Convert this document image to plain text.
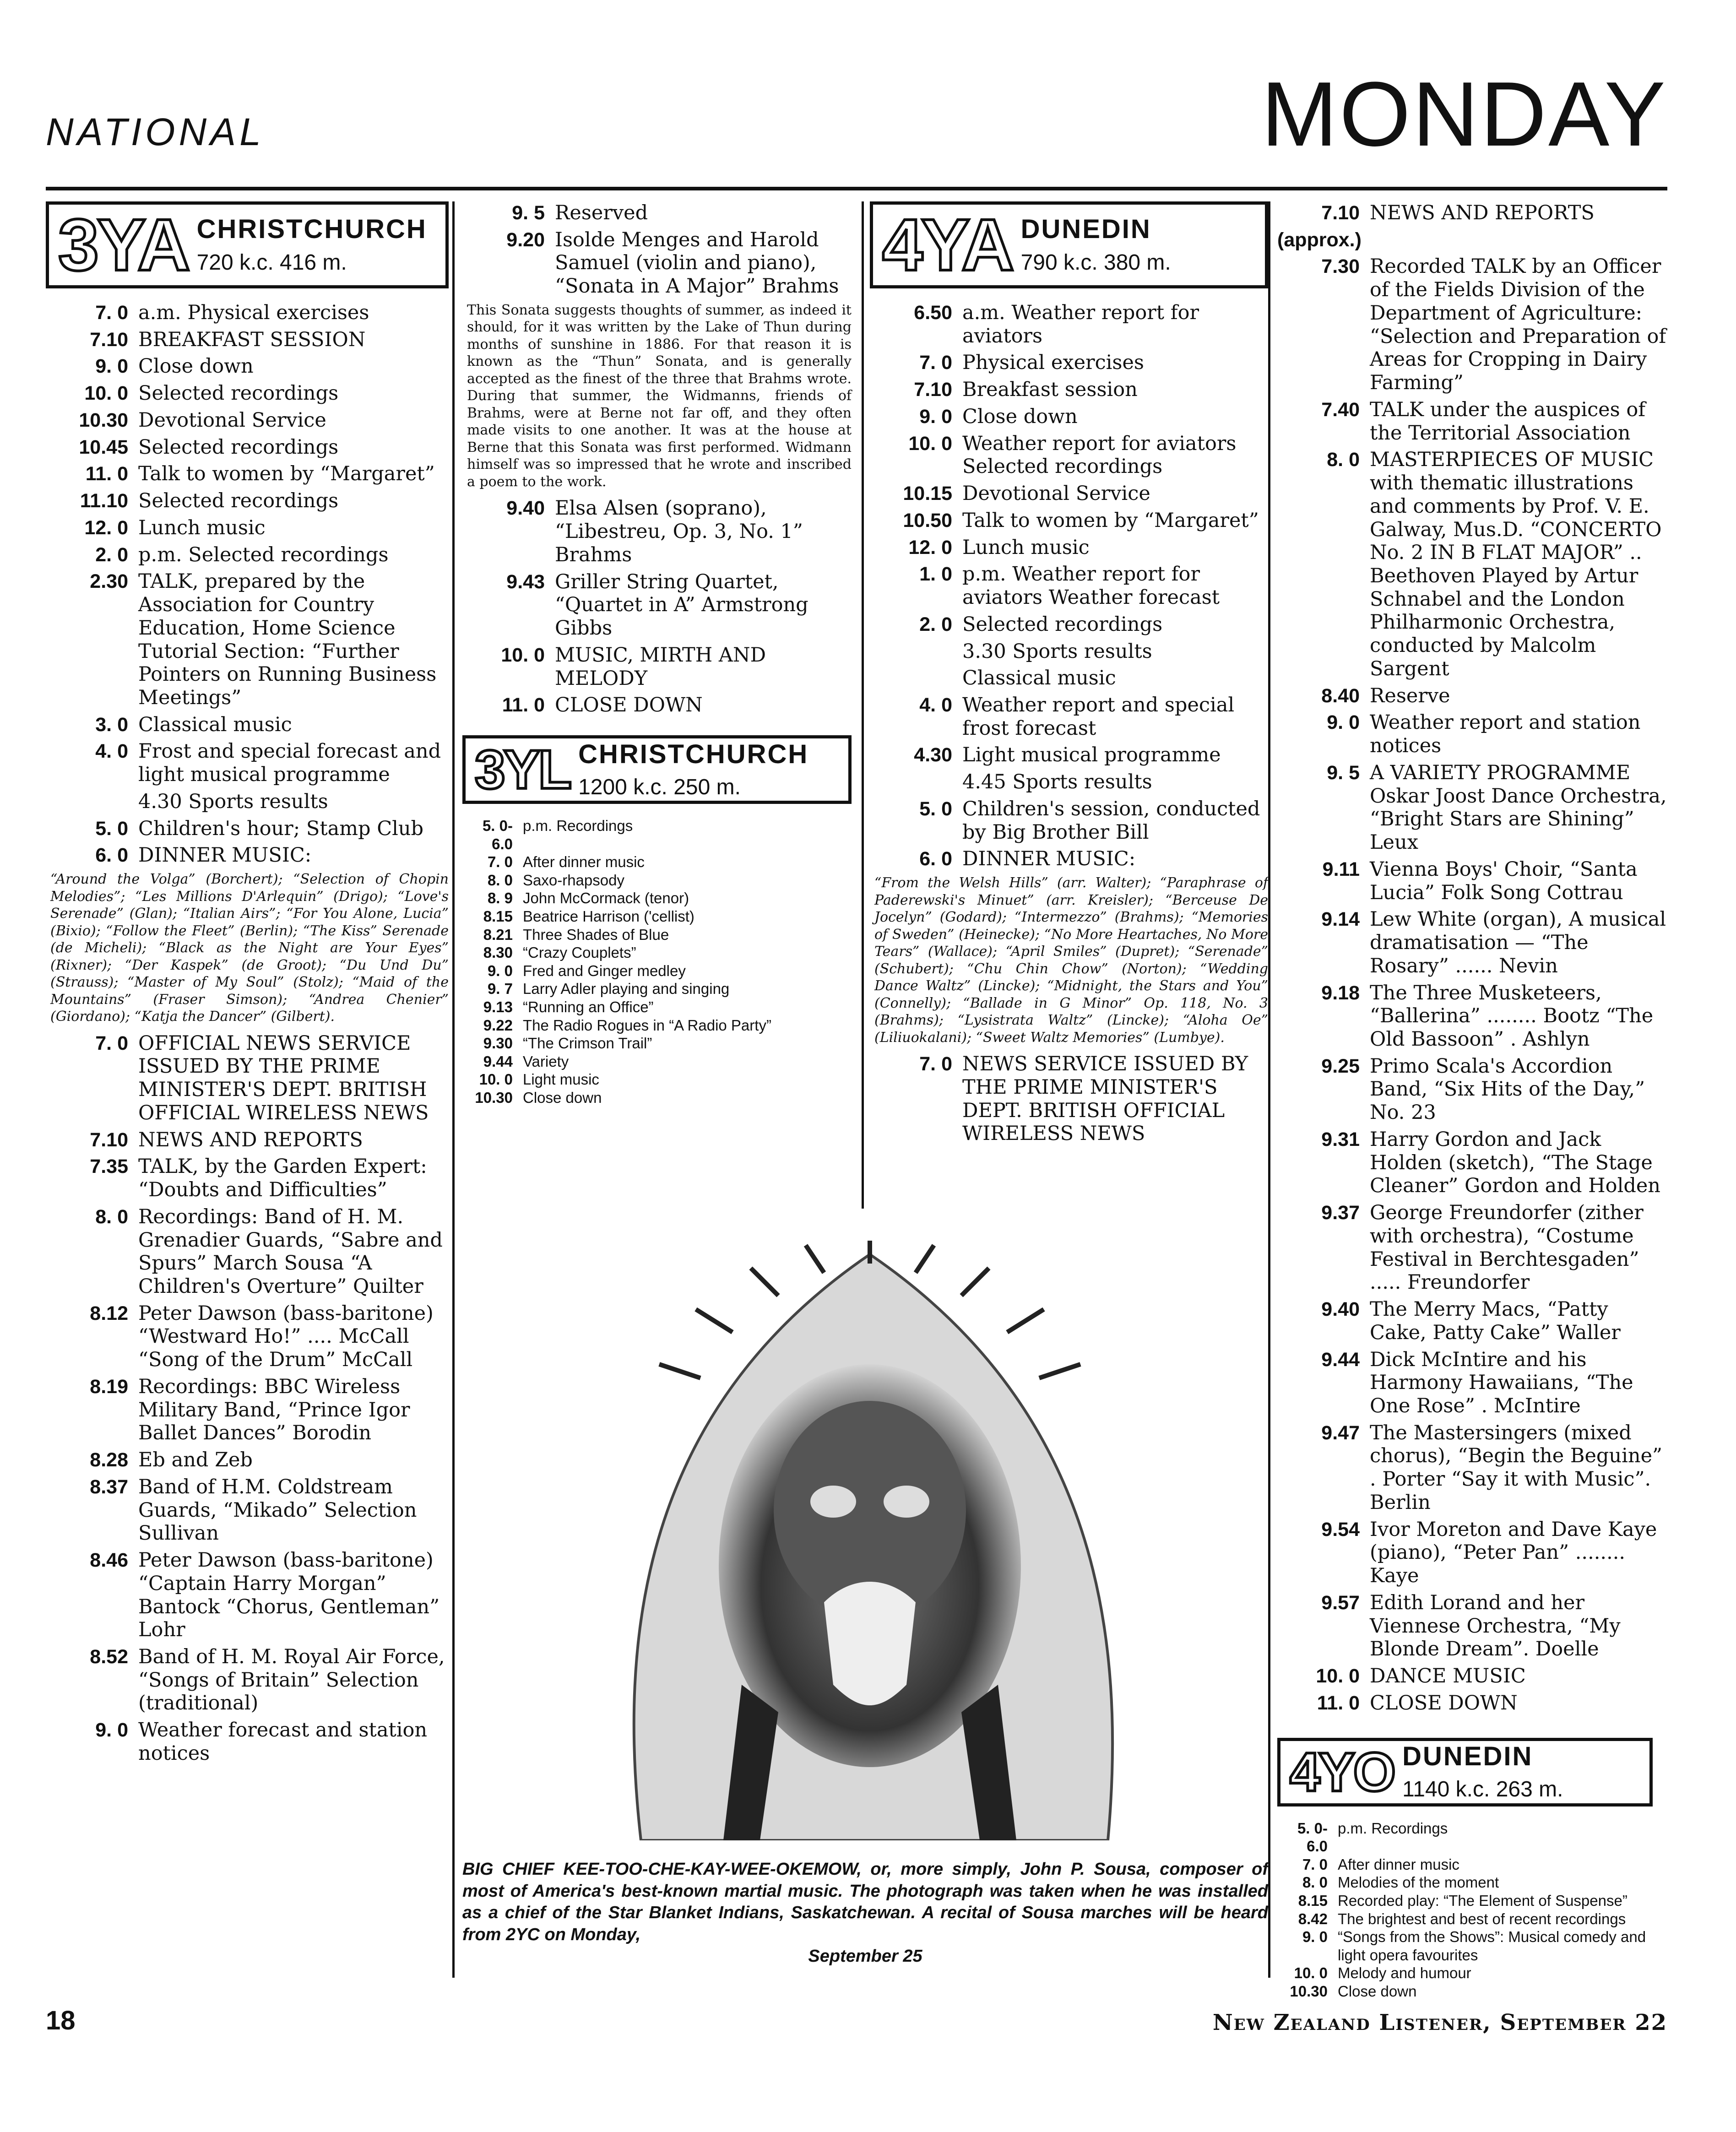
NATIONAL	MONDAY
3YA CHRISTCHURCH
720 k.c. 416 m.
7. 0 a.m. Physical exercises
7.10 BREAKFAST SESSION
9. 0 Close down
10. 0 Selected recordings
10.30 Devotional Service
10.45 Selected recordings
11. 0 Talk to women by “Margaret”
11.10 Selected recordings
12. 0 Lunch music
2. 0 p.m. Selected recordings
2.30 TALK, prepared by the Association for Country Education, Home Science Tutorial Section: “Further Pointers on Running Business Meetings”
3. 0 Classical music
4. 0 Frost and special forecast and light musical programme
4.30 Sports results
5. 0 Children's hour; Stamp Club
6. 0 DINNER MUSIC:
“Around the Volga” (Borchert); “Selection of Chopin Melodies”; “Les Millions D'Arlequin” (Drigo); “Love's Serenade” (Glan); “Italian Airs”; “For You Alone, Lucia” (Bixio); “Follow the Fleet” (Berlin); “The Kiss” Serenade (de Micheli); “Black as the Night are Your Eyes” (Rixner); “Der Kaspek” (de Groot); “Du Und Du” (Strauss); “Master of My Soul” (Stolz); “Maid of the Mountains” (Fraser Simson); “Andrea Chenier” (Giordano); “Katja the Dancer” (Gilbert).
7. 0 OFFICIAL NEWS SERVICE ISSUED BY THE PRIME MINISTER'S DEPT. BRITISH OFFICIAL WIRELESS NEWS
7.10 NEWS AND REPORTS
7.35 TALK, by the Garden Expert: “Doubts and Difficulties”
8. 0 Recordings: Band of H. M. Grenadier Guards, “Sabre and Spurs” March Sousa “A Children's Overture” Quilter
8.12 Peter Dawson (bass-baritone) “Westward Ho!” .... McCall “Song of the Drum” McCall
8.19 Recordings: BBC Wireless Military Band, “Prince Igor Ballet Dances” Borodin
8.28 Eb and Zeb
8.37 Band of H.M. Coldstream Guards, “Mikado” Selection Sullivan
8.46 Peter Dawson (bass-baritone) “Captain Harry Morgan” Bantock “Chorus, Gentleman” Lohr
8.52 Band of H. M. Royal Air Force, “Songs of Britain” Selection (traditional)
9. 0 Weather forecast and station notices
9. 5 Reserved
9.20 Isolde Menges and Harold Samuel (violin and piano), “Sonata in A Major” Brahms
This Sonata suggests thoughts of summer, as indeed it should, for it was written by the Lake of Thun during months of sunshine in 1886. For that reason it is known as the “Thun” Sonata, and is generally accepted as the finest of the three that Brahms wrote. During that summer, the Widmanns, friends of Brahms, were at Berne not far off, and they often made visits to one another. It was at the house at Berne that this Sonata was first performed. Widmann himself was so impressed that he wrote and inscribed a poem to the work.
9.40 Elsa Alsen (soprano), “Libestreu, Op. 3, No. 1” Brahms
9.43 Griller String Quartet, “Quartet in A” Armstrong Gibbs
10. 0 MUSIC, MIRTH AND MELODY
11. 0 CLOSE DOWN
3YL CHRISTCHURCH
1200 k.c. 250 m.
5. 0-6.0
p.m. Recordings
7. 0 After dinner music
8. 0 Saxo-rhapsody
8. 9 John McCormack (tenor)
8.15 Beatrice Harrison ('cellist)
8.21 Three Shades of Blue
8.30 “Crazy Couplets”
9. 0 Fred and Ginger medley
9. 7 Larry Adler playing and singing
9.13 “Running an Office”
9.22 The Radio Rogues in “A Radio Party”
9.30 “The Crimson Trail”
9.44 Variety
10. 0 Light music
10.30 Close down
4YA DUNEDIN
790 k.c. 380 m.
6.50 a.m. Weather report for aviators
7. 0 Physical exercises
7.10 Breakfast session
9. 0 Close down
10. 0 Weather report for aviators Selected recordings
10.15 Devotional Service
10.50 Talk to women by “Margaret”
12. 0 Lunch music
1. 0 p.m. Weather report for aviators Weather forecast
2. 0 Selected recordings
3.30 Sports results
Classical music
4. 0 Weather report and special frost forecast
4.30 Light musical programme
4.45 Sports results
5. 0 Children's session, conducted by Big Brother Bill
6. 0 DINNER MUSIC:
“From the Welsh Hills” (arr. Walter); “Paraphrase of Paderewski's Minuet” (arr. Kreisler); “Berceuse De Jocelyn” (Godard); “Intermezzo” (Brahms); “Memories of Sweden” (Heinecke); “No More Heartaches, No More Tears” (Wallace); “April Smiles” (Dupret); “Serenade” (Schubert); “Chu Chin Chow” (Norton); “Wedding Dance Waltz” (Lincke); “Midnight, the Stars and You” (Connelly); “Ballade in G Minor” Op. 118, No. 3 (Brahms); “Lysistrata Waltz” (Lincke); “Aloha Oe” (Liliuokalani); “Sweet Waltz Memories” (Lumbye).
7. 0 NEWS SERVICE ISSUED BY THE PRIME MINISTER'S DEPT. BRITISH OFFICIAL WIRELESS NEWS
7.10 NEWS AND REPORTS
(approx.)
7.30 Recorded TALK by an Officer of the Fields Division of the Department of Agriculture: “Selection and Preparation of Areas for Cropping in Dairy Farming”
7.40 TALK under the auspices of the Territorial Association
8. 0 MASTERPIECES OF MUSIC with thematic illustrations and comments by Prof. V. E. Galway, Mus.D. “CONCERTO No. 2 IN B FLAT MAJOR” .. Beethoven Played by Artur Schnabel and the London Philharmonic Orchestra, conducted by Malcolm Sargent
8.40 Reserve
9. 0 Weather report and station notices
9. 5 A VARIETY PROGRAMME Oskar Joost Dance Orchestra, “Bright Stars are Shining” Leux
9.11 Vienna Boys' Choir, “Santa Lucia” Folk Song Cottrau
9.14 Lew White (organ), A musical dramatisation — “The Rosary” ...... Nevin
9.18 The Three Musketeers, “Ballerina” ........ Bootz “The Old Bassoon” . Ashlyn
9.25 Primo Scala's Accordion Band, “Six Hits of the Day,” No. 23
9.31 Harry Gordon and Jack Holden (sketch), “The Stage Cleaner” Gordon and Holden
9.37 George Freundorfer (zither with orchestra), “Costume Festival in Berchtesgaden” ..... Freundorfer
9.40 The Merry Macs, “Patty Cake, Patty Cake” Waller
9.44 Dick McIntire and his Harmony Hawaiians, “The One Rose” . McIntire
9.47 The Mastersingers (mixed chorus), “Begin the Beguine” . Porter “Say it with Music”. Berlin
9.54 Ivor Moreton and Dave Kaye (piano), “Peter Pan” ........ Kaye
9.57 Edith Lorand and her Viennese Orchestra, “My Blonde Dream”. Doelle
10. 0 DANCE MUSIC
11. 0 CLOSE DOWN
4YO DUNEDIN
1140 k.c. 263 m.
5. 0-6.0
p.m. Recordings
7. 0 After dinner music
8. 0 Melodies of the moment
8.15 Recorded play: “The Element of Suspense”
8.42 The brightest and best of recent recordings
9. 0 “Songs from the Shows”: Musical comedy and light opera favourites
10. 0 Melody and humour
10.30 Close down
BIG CHIEF KEE-TOO-CHE-KAY-WEE-OKEMOW, or, more simply, John P. Sousa, composer of most of America's best-known martial music. The photograph was taken when he was installed as a chief of the Star Blanket Indians, Saskatchewan. A recital of Sousa marches will be heard from 2YC on Monday,
September 25
18	New Zealand Listener, September 22
